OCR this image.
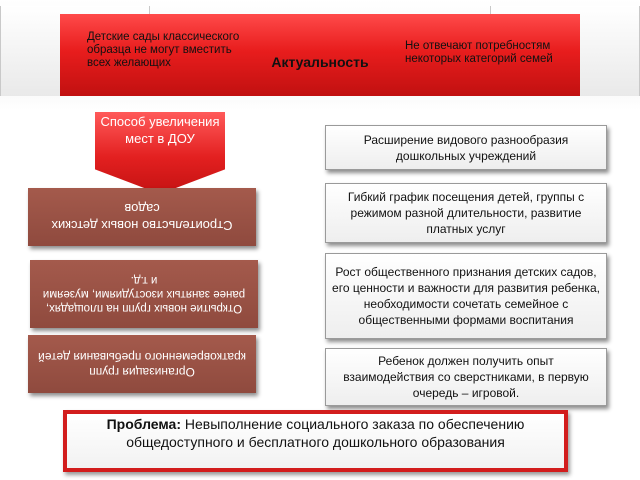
Детские сады классического образца не могут вместить всех желающих	Актуальность
Не отвечают потребностям некоторых категорий семей
Способ увеличения мест в ДОУ
Строительство новых детских садов
Открытие новых групп на площадях, ранее занятых изостудиями, музеями и т.д.
Организация групп кратковременного пребывания детей
Расширение видового разнообразия дошкольных учреждений
Гибкий график посещения детей, группы с режимом разной длительности, развитие платных услуг
Рост общественного признания детских садов, его ценности и важности для развития ребенка, необходимости сочетать семейное с общественными формами воспитания
Ребенок должен получить опыт взаимодействия со сверстниками, в первую очередь – игровой.
Проблема: Невыполнение социального заказа по обеспечению общедоступного и бесплатного дошкольного образования
